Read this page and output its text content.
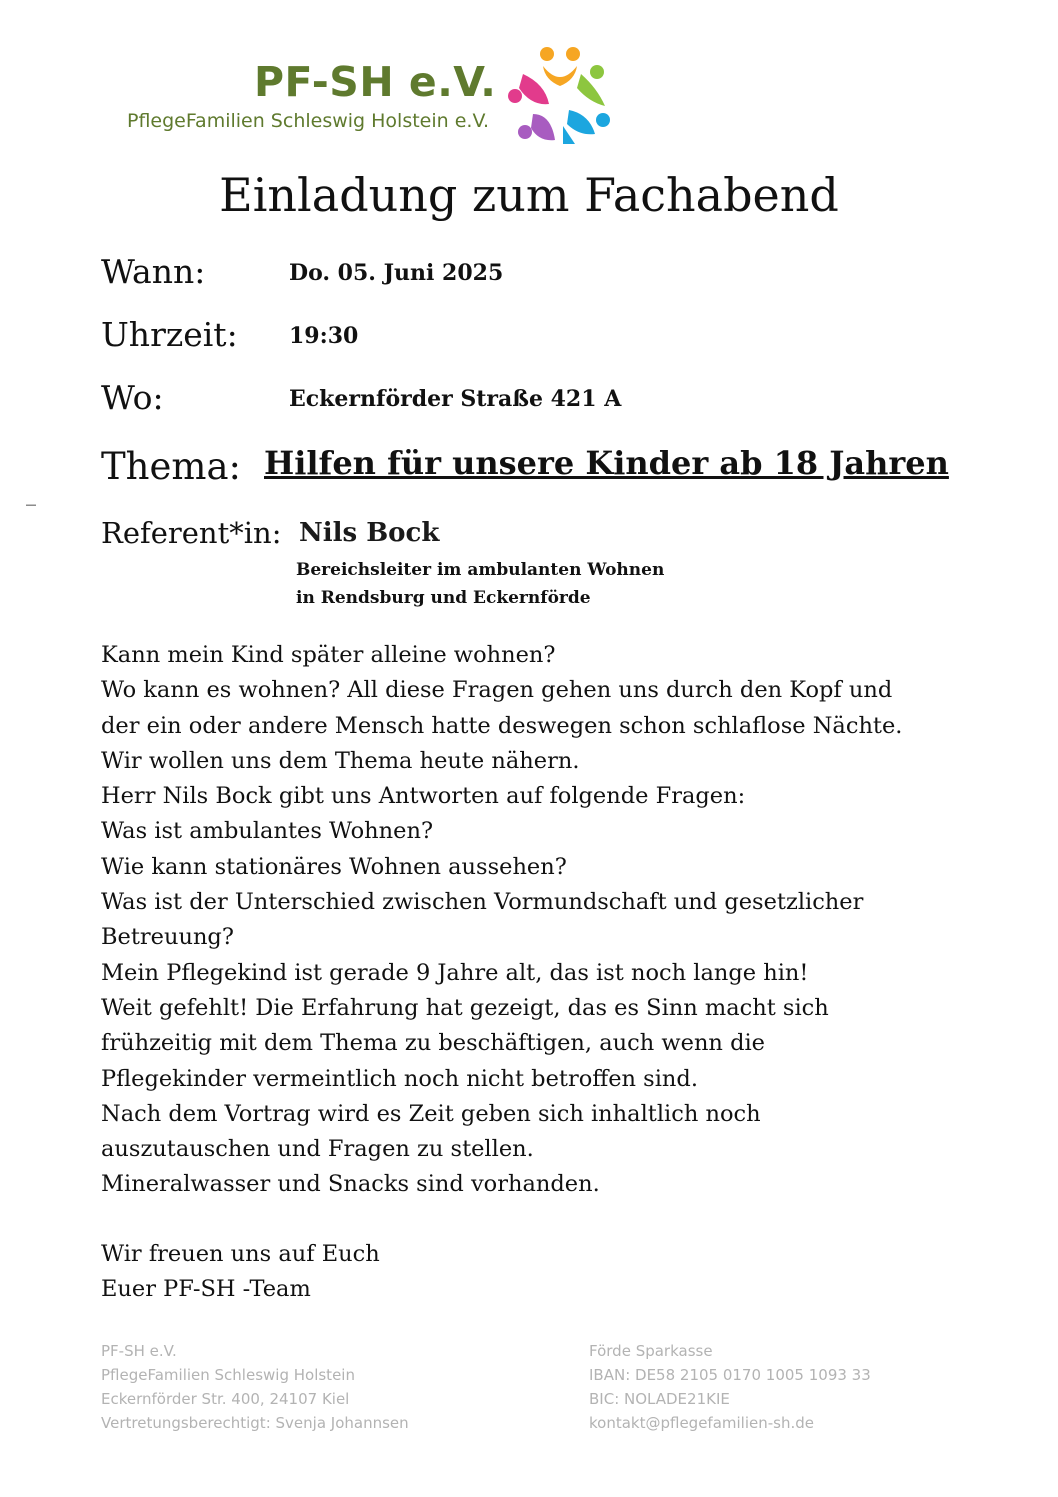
PF-SH e.V.
PflegeFamilien Schleswig Holstein e.V.
Einladung zum Fachabend
Wann:	Do. 05. Juni 2025
Uhrzeit: 19:30
Wo:	Eckernförder Straße 421 A
Thema: Hilfen für unsere Kinder ab 18 Jahren
_
Referent*in: Nils Bock
Bereichsleiter im ambulanten Wohnen
in Rendsburg und Eckernförde
Kann mein Kind später alleine wohnen?
Wo kann es wohnen? All diese Fragen gehen uns durch den Kopf und
der ein oder andere Mensch hatte deswegen schon schlaflose Nächte.
Wir wollen uns dem Thema heute nähern.
Herr Nils Bock gibt uns Antworten auf folgende Fragen:
Was ist ambulantes Wohnen?
Wie kann stationäres Wohnen aussehen?
Was ist der Unterschied zwischen Vormundschaft und gesetzlicher
Betreuung?
Mein Pflegekind ist gerade 9 Jahre alt, das ist noch lange hin!
Weit gefehlt! Die Erfahrung hat gezeigt, das es Sinn macht sich
frühzeitig mit dem Thema zu beschäftigen, auch wenn die
Pflegekinder vermeintlich noch nicht betroffen sind.
Nach dem Vortrag wird es Zeit geben sich inhaltlich noch
auszutauschen und Fragen zu stellen.
Mineralwasser und Snacks sind vorhanden.
Wir freuen uns auf Euch
Euer PF-SH -Team
PF-SH e.V.
PflegeFamilien Schleswig Holstein
Eckernförder Str. 400, 24107 Kiel
Vertretungsberechtigt: Svenja Johannsen
Förde Sparkasse
IBAN: DE58 2105 0170 1005 1093 33
BIC: NOLADE21KIE
kontakt@pflegefamilien-sh.de
